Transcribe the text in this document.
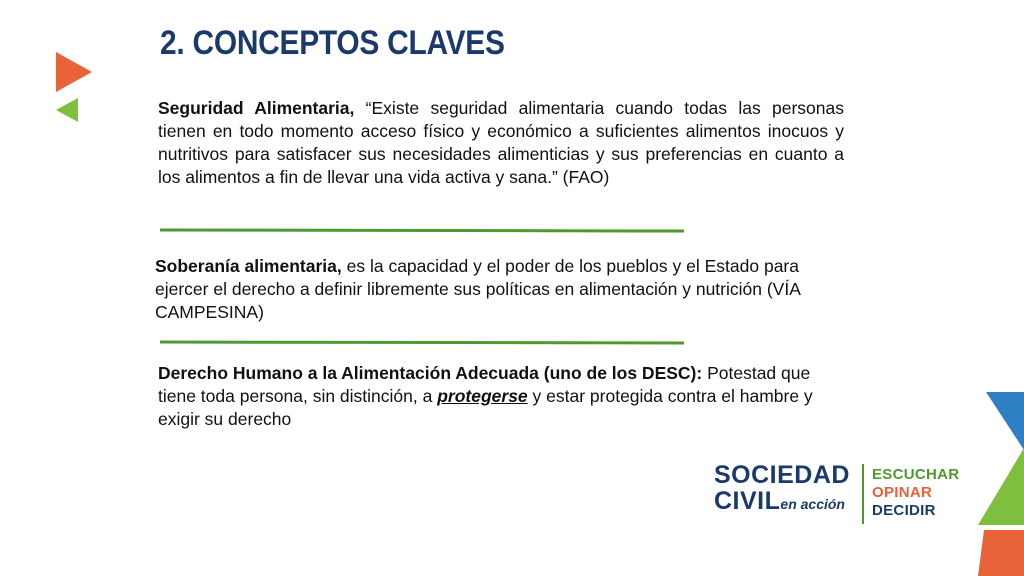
2. CONCEPTOS CLAVES
Seguridad Alimentaria, “Existe seguridad alimentaria cuando todas las personas tienen en todo momento acceso físico y económico a suficientes alimentos inocuos y nutritivos para satisfacer sus necesidades alimenticias y sus preferencias en cuanto a los alimentos a fin de llevar una vida activa y sana.” (FAO)
Soberanía alimentaria, es la capacidad y el poder de los pueblos y el Estado para ejercer el derecho a definir libremente sus políticas en alimentación y nutrición (VÍA CAMPESINA)
Derecho Humano a la Alimentación Adecuada (uno de los DESC): Potestad que tiene toda persona, sin distinción, a protegerse y estar protegida contra el hambre y exigir su derecho
SOCIEDAD
CIVILen acción
ESCUCHAR
OPINAR
DECIDIR
